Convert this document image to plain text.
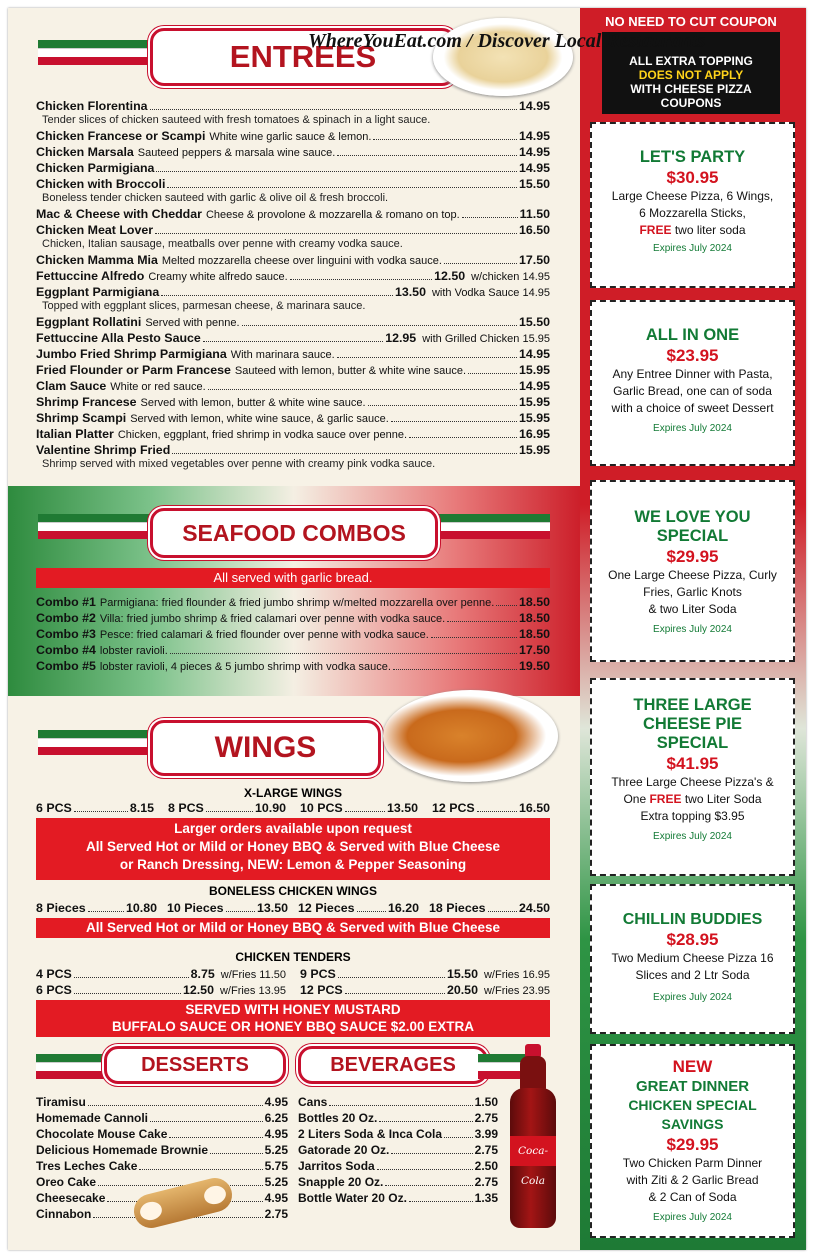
WhereYouEat.com / Discover Local Restaurants
ENTREES
Chicken Florentina	14.95
Tender slices of chicken sauteed with fresh tomatoes & spinach in a light sauce.
Chicken Francese or Scampi White wine garlic sauce & lemon.	14.95
Chicken Marsala Sauteed peppers & marsala wine sauce.	14.95
Chicken Parmigiana	14.95
Chicken with Broccoli	15.50
Boneless tender chicken sauteed with garlic & olive oil & fresh broccoli.
Mac & Cheese with Cheddar Cheese & provolone & mozzarella & romano on top.	11.50
Chicken Meat Lover	16.50
Chicken, Italian sausage, meatballs over penne with creamy vodka sauce.
Chicken Mamma Mia Melted mozzarella cheese over linguini with vodka sauce.	17.50
Fettuccine Alfredo Creamy white alfredo sauce.	12.50 w/chicken 14.95
Eggplant Parmigiana	13.50 with Vodka Sauce 14.95
Topped with eggplant slices, parmesan cheese, & marinara sauce.
Eggplant Rollatini Served with penne.	15.50
Fettuccine Alla Pesto Sauce	12.95 with Grilled Chicken 15.95
Jumbo Fried Shrimp Parmigiana With marinara sauce.	14.95
Fried Flounder or Parm Francese Sauteed with lemon, butter & white wine sauce.	15.95
Clam Sauce White or red sauce.	14.95
Shrimp Francese Served with lemon, butter & white wine sauce.	15.95
Shrimp Scampi Served with lemon, white wine sauce, & garlic sauce.	15.95
Italian Platter Chicken, eggplant, fried shrimp in vodka sauce over penne.	16.95
Valentine Shrimp Fried	15.95
Shrimp served with mixed vegetables over penne with creamy pink vodka sauce.
SEAFOOD COMBOS
All served with garlic bread.
Combo #1 Parmigiana: fried flounder & fried jumbo shrimp w/melted mozzarella over penne. 18.50
Combo #2 Villa: fried jumbo shrimp & fried calamari over penne with vodka sauce.	18.50
Combo #3 Pesce: fried calamari & fried flounder over penne with vodka sauce.	18.50
Combo #4 lobster ravioli.	17.50
Combo #5 lobster ravioli, 4 pieces & 5 jumbo shrimp with vodka sauce.	19.50
WINGS
X-LARGE WINGS
6 PCS	8.15 8 PCS	10.90 10 PCS	13.50 12 PCS	16.50
Larger orders available upon request
All Served Hot or Mild or Honey BBQ & Served with Blue Cheese
or Ranch Dressing, NEW: Lemon & Pepper Seasoning
BONELESS CHICKEN WINGS
8 Pieces	10.80 10 Pieces	13.50 12 Pieces	16.20 18 Pieces	24.50
All Served Hot or Mild or Honey BBQ & Served with Blue Cheese
CHICKEN TENDERS
4 PCS	8.75 w/Fries 11.50 9 PCS	15.50 w/Fries 16.95
6 PCS	12.50 w/Fries 13.95 12 PCS	20.50 w/Fries 23.95
SERVED WITH HONEY MUSTARD
BUFFALO SAUCE OR HONEY BBQ SAUCE $2.00 EXTRA
DESSERTS	BEVERAGES
Tiramisu	4.95
Homemade Cannoli	6.25
Chocolate Mouse Cake	4.95
Delicious Homemade Brownie	5.25
Tres Leches Cake	5.75
Oreo Cake	5.25
Cheesecake	4.95
Cinnabon	2.75
Cans	1.50
Bottles 20 Oz.	2.75
2 Liters Soda & Inca Cola	3.99
Gatorade 20 Oz.	2.75
Jarritos Soda	2.50
Snapple 20 Oz.	2.75
Bottle Water 20 Oz.	1.35
Coca-Cola
NO NEED TO CUT COUPON
ALL EXTRA TOPPING
DOES NOT APPLY
WITH CHEESE PIZZA
COUPONS
LET'S PARTY
$30.95
Large Cheese Pizza, 6 Wings,
6 Mozzarella Sticks,
FREE two liter soda
Expires July 2024
ALL IN ONE
$23.95
Any Entree Dinner with Pasta,
Garlic Bread, one can of soda
with a choice of sweet Dessert
Expires July 2024
WE LOVE YOU
SPECIAL
$29.95
One Large Cheese Pizza, Curly
Fries, Garlic Knots
& two Liter Soda
Expires July 2024
THREE LARGE
CHEESE PIE
SPECIAL
$41.95
Three Large Cheese Pizza's &
One FREE two Liter Soda
Extra topping $3.95
Expires July 2024
CHILLIN BUDDIES
$28.95
Two Medium Cheese Pizza 16
Slices and 2 Ltr Soda
Expires July 2024
NEW
GREAT DINNER
CHICKEN SPECIAL
SAVINGS
$29.95
Two Chicken Parm Dinner
with Ziti & 2 Garlic Bread
& 2 Can of Soda
Expires July 2024
